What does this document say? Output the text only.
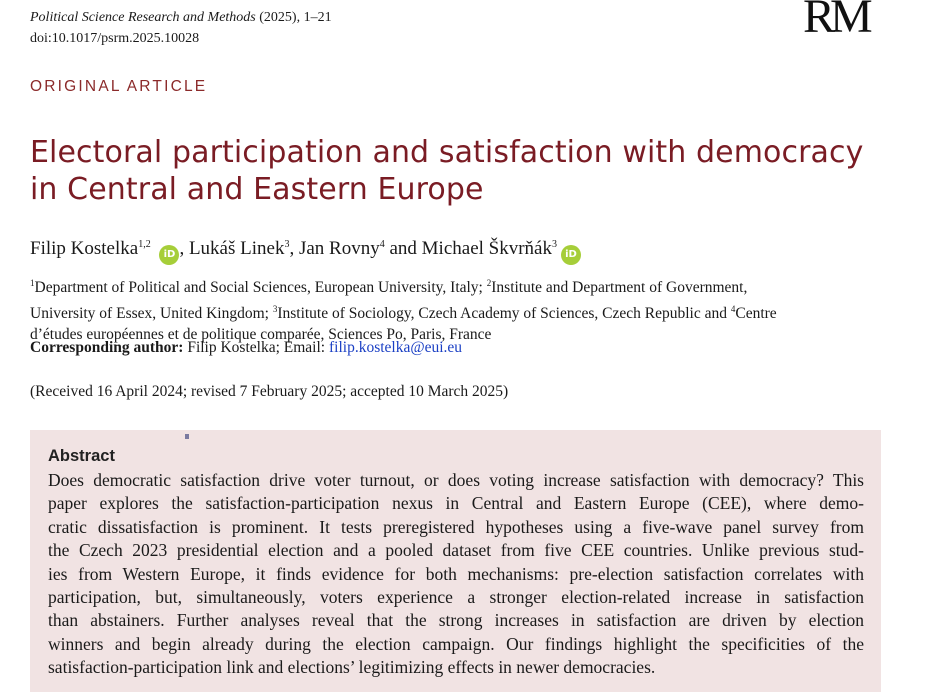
Political Science Research and Methods (2025), 1–21
doi:10.1017/psrm.2025.10028	RM
ORIGINAL ARTICLE
Electoral participation and satisfaction with democracy
in Central and Eastern Europe
Filip Kostelka$^{1,2}$ iD , Lukáš Linek$^3$, Jan Rovny$^4$ and Michael Škvrňák$^3$iD
$^1$Department of Political and Social Sciences, European University, Italy; $^2$Institute and Department of Government,
University of Essex, United Kingdom; $^3$Institute of Sociology, Czech Academy of Sciences, Czech Republic and $^4$Centre
dʼétudes européennes et de politique comparée, Sciences Po, Paris, France
Corresponding author: Filip Kostelka; Email: filip.kostelka@eui.eu
(Received 16 April 2024; revised 7 February 2025; accepted 10 March 2025)
Abstract
Does democratic satisfaction drive voter turnout, or does voting increase satisfaction with democracy? This
paper explores the satisfaction-participation nexus in Central and Eastern Europe (CEE), where demo-
cratic dissatisfaction is prominent. It tests preregistered hypotheses using a five-wave panel survey from
the Czech 2023 presidential election and a pooled dataset from five CEE countries. Unlike previous stud-
ies from Western Europe, it finds evidence for both mechanisms: pre-election satisfaction correlates with
participation, but, simultaneously, voters experience a stronger election-related increase in satisfaction
than abstainers. Further analyses reveal that the strong increases in satisfaction are driven by election
winners and begin already during the election campaign. Our findings highlight the specificities of the
satisfaction-participation link and elections’ legitimizing effects in newer democracies.
